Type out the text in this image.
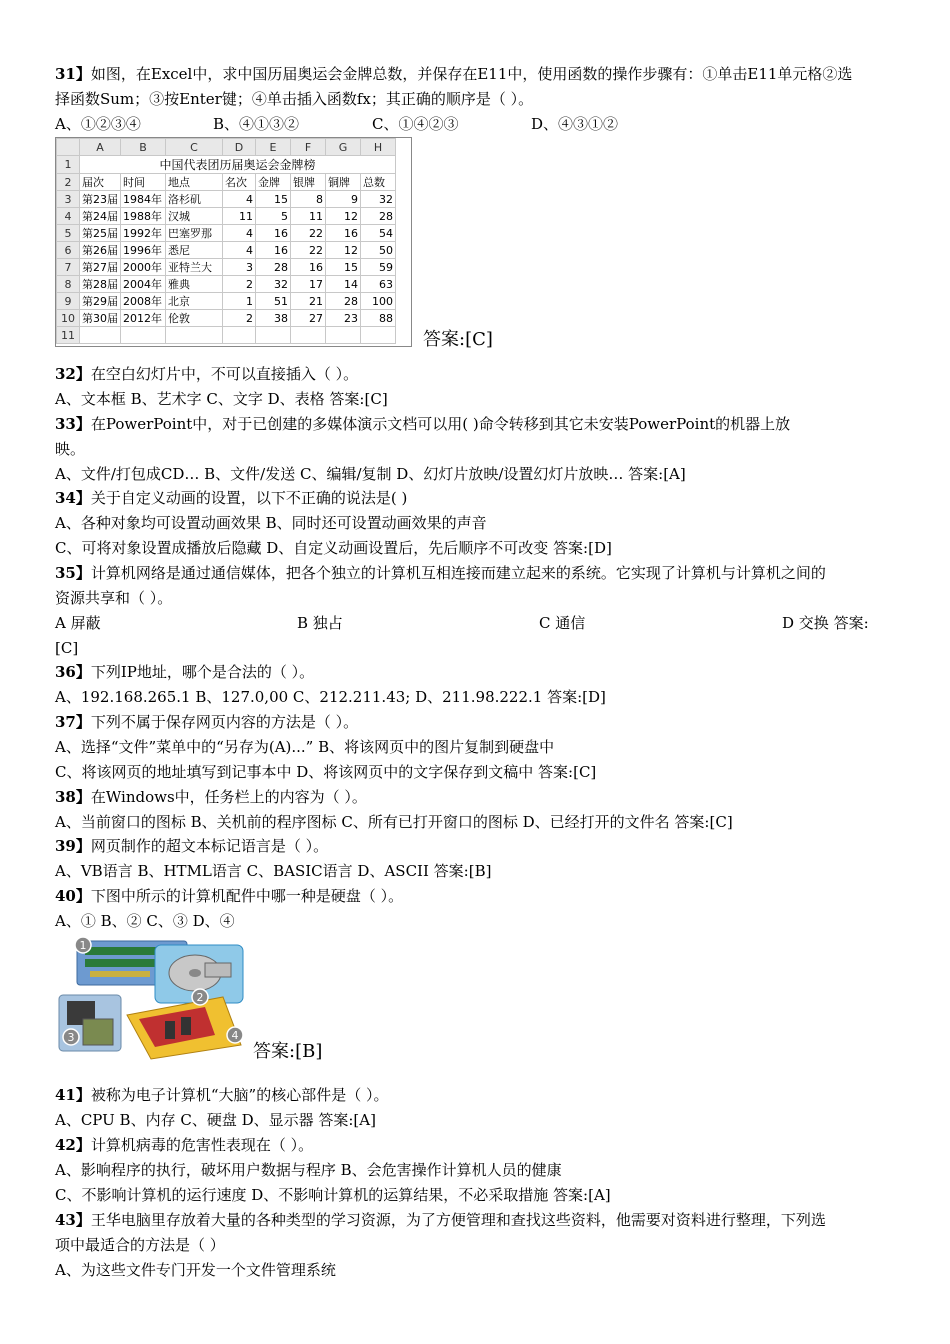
31】如图，在Excel中，求中国历届奥运会金牌总数，并保存在E11中，使用函数的操作步骤有：①单击E11单元格②选
择函数Sum；③按Enter键；④单击插入函数fx；其正确的顺序是（ ）。
A、①②③④	B、④①③②	C、①④②③	D、④③①②
	A	B	C	D	E	F	G	H
1	中国代表团历届奥运会金牌榜							
2	届次	时间	地点	名次	金牌	银牌	铜牌	总数
3	第23届	1984年	洛杉矶	4	15	8	9	32
4	第24届	1988年	汉城	11	5	11	12	28
5	第25届	1992年	巴塞罗那	4	16	22	16	54
6	第26届	1996年	悉尼	4	16	22	12	50
7	第27届	2000年	亚特兰大	3	28	16	15	59
8	第28届	2004年	雅典	2	32	17	14	63
9	第29届	2008年	北京	1	51	21	28	100
10	第30届	2012年	伦敦	2	38	27	23	88
11									答案:[C]
32】在空白幻灯片中，不可以直接插入（ ）。
A、文本框 B、艺术字 C、文字 D、表格 答案:[C]
33】在PowerPoint中，对于已创建的多媒体演示文档可以用( )命令转移到其它未安装PowerPoint的机器上放
映。
A、文件/打包成CD… B、文件/发送 C、编辑/复制 D、幻灯片放映/设置幻灯片放映… 答案:[A]
34】关于自定义动画的设置，以下不正确的说法是( )
A、各种对象均可设置动画效果 B、同时还可设置动画效果的声音
C、可将对象设置成播放后隐藏 D、自定义动画设置后，先后顺序不可改变 答案:[D]
35】计算机网络是通过通信媒体，把各个独立的计算机互相连接而建立起来的系统。它实现了计算机与计算机之间的
资源共享和（ ）。
A 屏蔽	B 独占	C 通信	D 交换 答案:
[C]
36】下列IP地址，哪个是合法的（ ）。
A、192.168.265.1 B、127.0,00 C、212.211.43; D、211.98.222.1 答案:[D]
37】下列不属于保存网页内容的方法是（ ）。
A、选择“文件”菜单中的“另存为(A)...” B、将该网页中的图片复制到硬盘中
C、将该网页的地址填写到记事本中 D、将该网页中的文字保存到文稿中 答案:[C]
38】在Windows中，任务栏上的内容为（ ）。
A、当前窗口的图标 B、关机前的程序图标 C、所有已打开窗口的图标 D、已经打开的文件名 答案:[C]
39】网页制作的超文本标记语言是（ ）。
A、VB语言 B、HTML语言 C、BASIC语言 D、ASCII 答案:[B]
40】下图中所示的计算机配件中哪一种是硬盘（ ）。
A、① B、② C、③ D、④
1
2
3	4
答案:[B]
41】被称为电子计算机“大脑”的核心部件是（ ）。
A、CPU B、内存 C、硬盘 D、显示器 答案:[A]
42】计算机病毒的危害性表现在（ ）。
A、影响程序的执行，破坏用户数据与程序 B、会危害操作计算机人员的健康
C、不影响计算机的运行速度 D、不影响计算机的运算结果，不必采取措施 答案:[A]
43】王华电脑里存放着大量的各种类型的学习资源，为了方便管理和查找这些资料，他需要对资料进行整理，下列选
项中最适合的方法是（ ）
A、为这些文件专门开发一个文件管理系统
